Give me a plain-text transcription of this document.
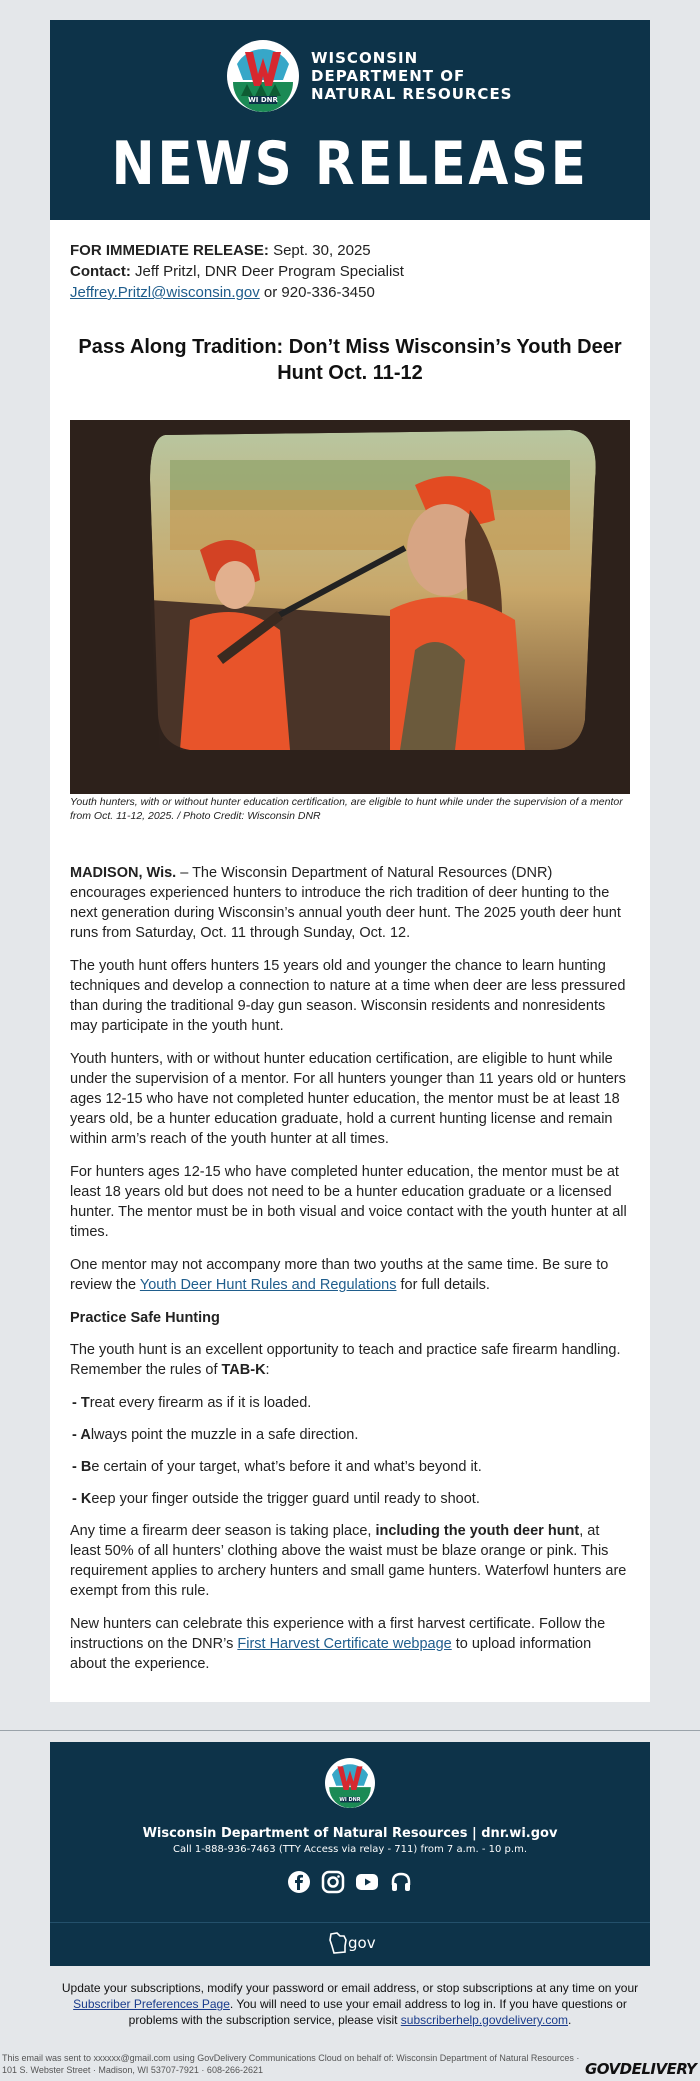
WI DNR
WISCONSIN
DEPARTMENT OF
NATURAL RESOURCES
NEWS RELEASE
FOR IMMEDIATE RELEASE: Sept. 30, 2025
Contact: Jeff Pritzl, DNR Deer Program Specialist
Jeffrey.Pritzl@wisconsin.gov or 920-336-3450
Pass Along Tradition: Don’t Miss Wisconsin’s Youth Deer Hunt Oct. 11-12
Youth hunters, with or without hunter education certification, are eligible to hunt while under the supervision of a mentor from Oct. 11-12, 2025. / Photo Credit: Wisconsin DNR

MADISON, Wis. – The Wisconsin Department of Natural Resources (DNR) encourages experienced hunters to introduce the rich tradition of deer hunting to the next generation during Wisconsin’s annual youth deer hunt. The 2025 youth deer hunt runs from Saturday, Oct. 11 through Sunday, Oct. 12.

The youth hunt offers hunters 15 years old and younger the chance to learn hunting techniques and develop a connection to nature at a time when deer are less pressured than during the traditional 9-day gun season. Wisconsin residents and nonresidents may participate in the youth hunt.

Youth hunters, with or without hunter education certification, are eligible to hunt while under the supervision of a mentor. For all hunters younger than 11 years old or hunters ages 12-15 who have not completed hunter education, the mentor must be at least 18 years old, be a hunter education graduate, hold a current hunting license and remain within arm’s reach of the youth hunter at all times.

For hunters ages 12-15 who have completed hunter education, the mentor must be at least 18 years old but does not need to be a hunter education graduate or a licensed hunter. The mentor must be in both visual and voice contact with the youth hunter at all times.

One mentor may not accompany more than two youths at the same time. Be sure to review the Youth Deer Hunt Rules and Regulations for full details.

Practice Safe Hunting

The youth hunt is an excellent opportunity to teach and practice safe firearm handling. Remember the rules of TAB-K:

- Treat every firearm as if it is loaded.

- Always point the muzzle in a safe direction.

- Be certain of your target, what’s before it and what’s beyond it.

- Keep your finger outside the trigger guard until ready to shoot.

Any time a firearm deer season is taking place, including the youth deer hunt, at least 50% of all hunters’ clothing above the waist must be blaze orange or pink. This requirement applies to archery hunters and small game hunters. Waterfowl hunters are exempt from this rule.

New hunters can celebrate this experience with a first harvest certificate. Follow the instructions on the DNR’s First Harvest Certificate webpage to upload information about the experience.

WI DNR
Wisconsin Department of Natural Resources | dnr.wi.gov
Call 1-888-936-7463 (TTY Access via relay - 711) from 7 a.m. - 10 p.m.
gov
Update your subscriptions, modify your password or email address, or stop subscriptions at any time on your Subscriber Preferences Page. You will need to use your email address to log in. If you have questions or problems with the subscription service, please visit subscriberhelp.govdelivery.com.
This email was sent to xxxxxx@gmail.com using GovDelivery Communications Cloud on behalf of: Wisconsin Department of Natural Resources · 101 S. Webster Street · Madison, WI 53707-7921 · 608-266-2621	GOVDELIVERY
